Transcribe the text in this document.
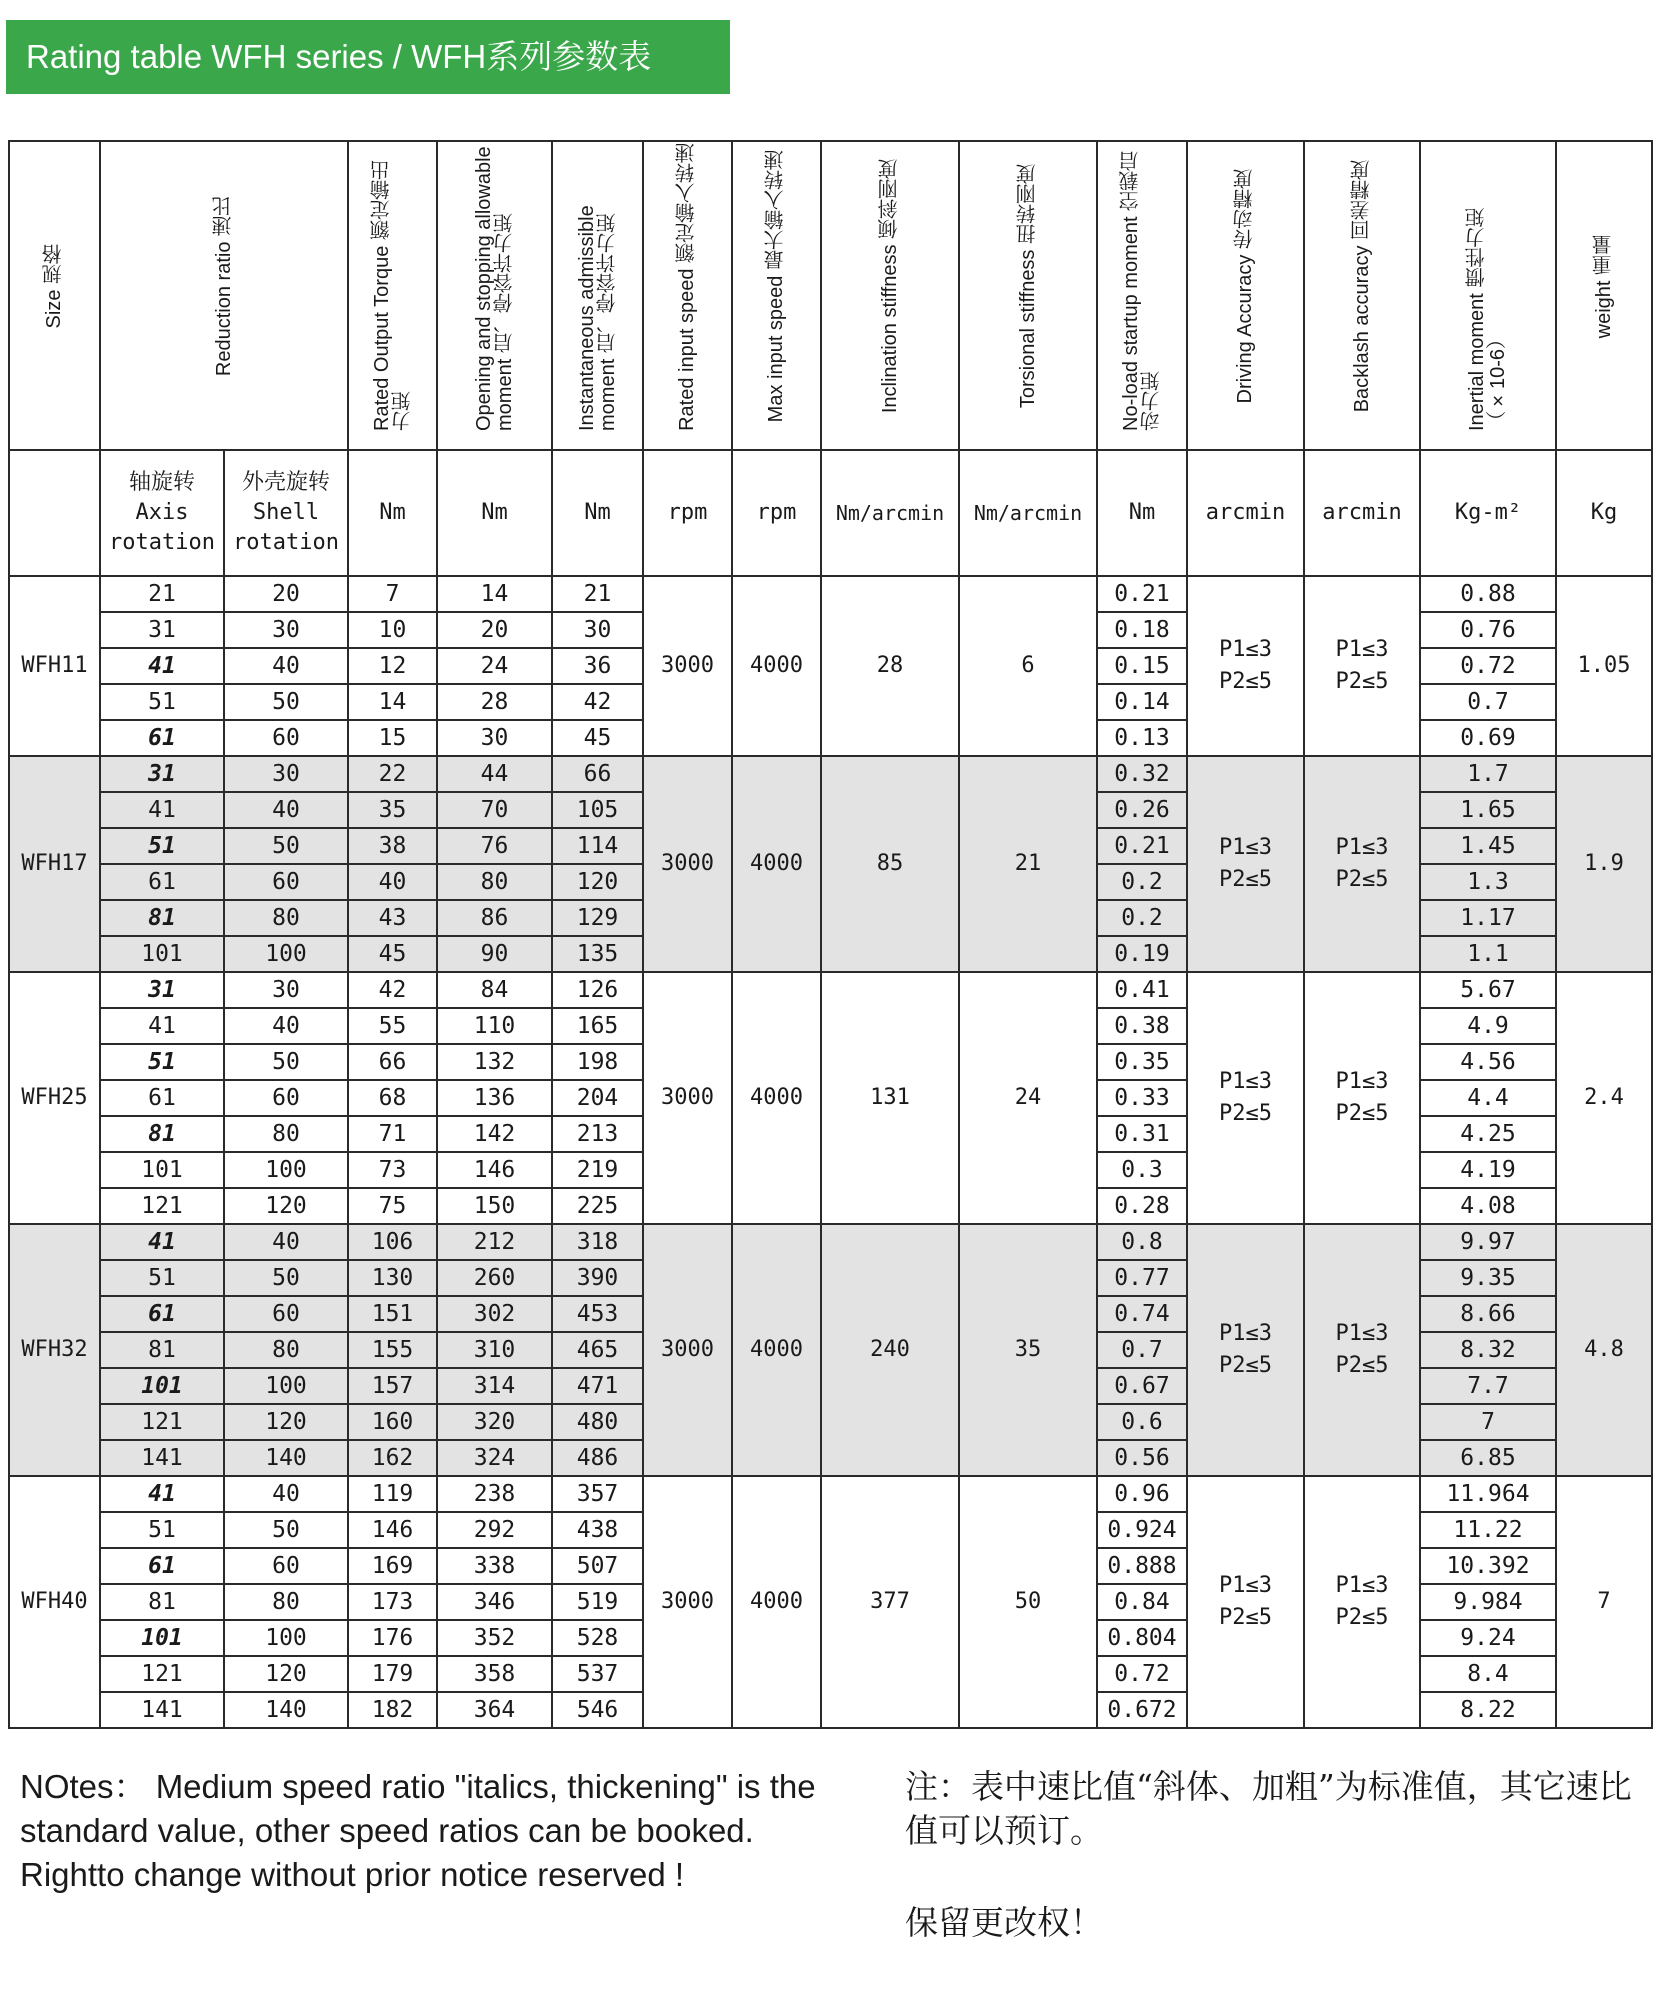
Rating table WFH series / WFH系列参数表
Size 规格	Reduction ratio 速比		Rated Output Torque 额定输出力矩	Opening and stopping allowable moment 启、停容许力矩	Instantaneous admissible moment 启、停容许力矩	Rated input speed 额定输入转速	Max input speed 最大输入转速	Inclination stiffness 倾斜刚度	Torsional stiffness 扭转刚度	No-load startup moment 空载启动力矩	Driving Accuracy 传动精度	Backlash accuracy 回差精度	Inertial moment 惯性力矩（×10-6）	weight 重量
	轴旋转 Axis rotation	外壳旋转 Shell rotation	Nm	Nm	Nm	rpm	rpm	Nm/arcmin	Nm/arcmin	Nm	arcmin	arcmin	Kg-m²	Kg
WFH11	21	20	7	14	21	3000	4000	28	6	0.21	P1≤3 P2≤5	P1≤3 P2≤5	0.88	1.05
	31	30	10	20	30					0.18			0.76	
	41	40	12	24	36					0.15			0.72	
	51	50	14	28	42					0.14			0.7	
	61	60	15	30	45					0.13			0.69	
WFH17	31	30	22	44	66	3000	4000	85	21	0.32	P1≤3 P2≤5	P1≤3 P2≤5	1.7	1.9
	41	40	35	70	105					0.26			1.65	
	51	50	38	76	114					0.21			1.45	
	61	60	40	80	120					0.2			1.3	
	81	80	43	86	129					0.2			1.17	
	101	100	45	90	135					0.19			1.1	
WFH25	31	30	42	84	126	3000	4000	131	24	0.41	P1≤3 P2≤5	P1≤3 P2≤5	5.67	2.4
	41	40	55	110	165					0.38			4.9	
	51	50	66	132	198					0.35			4.56	
	61	60	68	136	204					0.33			4.4	
	81	80	71	142	213					0.31			4.25	
	101	100	73	146	219					0.3			4.19	
	121	120	75	150	225					0.28			4.08	
WFH32	41	40	106	212	318	3000	4000	240	35	0.8	P1≤3 P2≤5	P1≤3 P2≤5	9.97	4.8
	51	50	130	260	390					0.77			9.35	
	61	60	151	302	453					0.74			8.66	
	81	80	155	310	465					0.7			8.32	
	101	100	157	314	471					0.67			7.7	
	121	120	160	320	480					0.6			7	
	141	140	162	324	486					0.56			6.85	
WFH40	41	40	119	238	357	3000	4000	377	50	0.96	P1≤3 P2≤5	P1≤3 P2≤5	11.964	7
	51	50	146	292	438					0.924			11.22	
	61	60	169	338	507					0.888			10.392	
	81	80	173	346	519					0.84			9.984	
	101	100	176	352	528					0.804			9.24	
	121	120	179	358	537					0.72			8.4	
	141	140	182	364	546					0.672			8.22	

NOtes： Medium speed ratio "italics, thickening" is the standard value, other speed ratios can be booked.

Rightto change without prior notice reserved !

注：表中速比值“斜体、加粗”为标准值，其它速比值可以预订。

保留更改权！
